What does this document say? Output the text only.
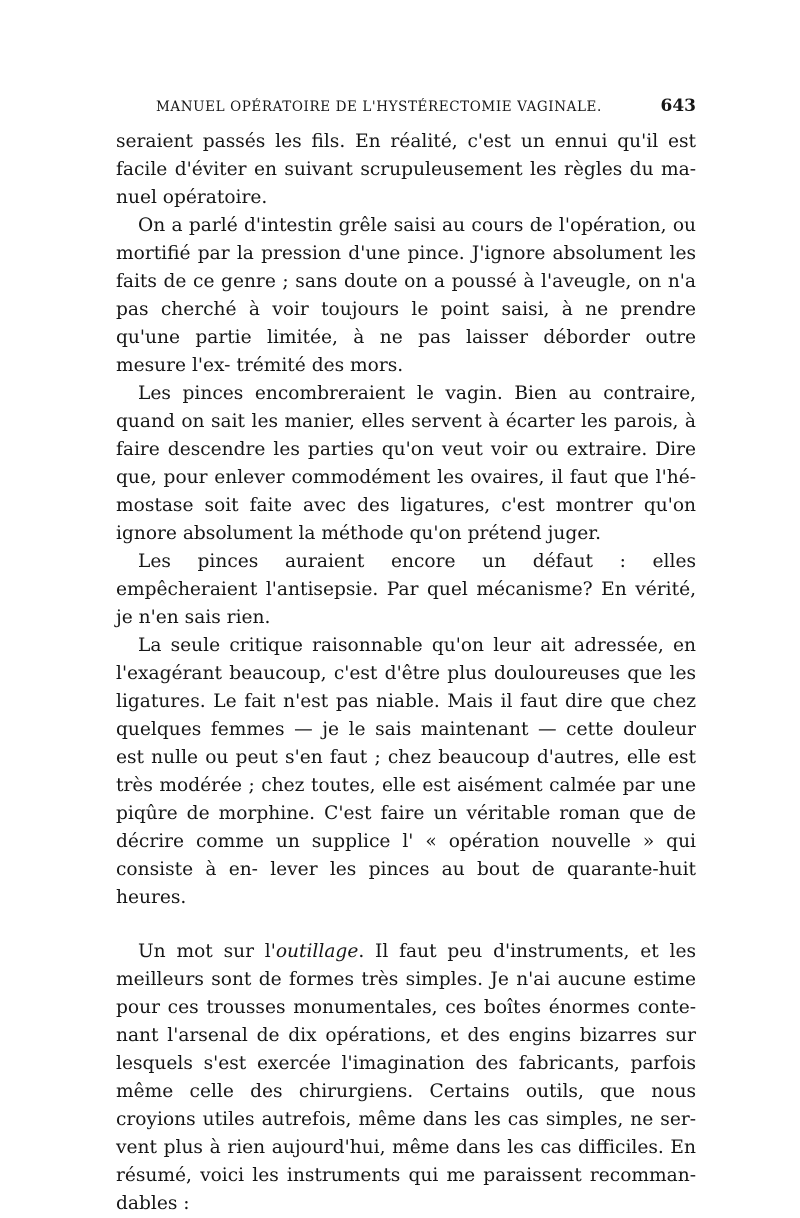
MANUEL OPÉRATOIRE DE L'HYSTÉRECTOMIE VAGINALE.	643

seraient passés les fils. En réalité, c'est un ennui qu'il est facile d'éviter en suivant scrupuleusement les règles du ma- nuel opératoire.

On a parlé d'intestin grêle saisi au cours de l'opération, ou mortifié par la pression d'une pince. J'ignore absolument les faits de ce genre ; sans doute on a poussé à l'aveugle, on n'a pas cherché à voir toujours le point saisi, à ne prendre qu'une partie limitée, à ne pas laisser déborder outre mesure l'ex- trémité des mors.

Les pinces encombreraient le vagin. Bien au contraire, quand on sait les manier, elles servent à écarter les parois, à faire descendre les parties qu'on veut voir ou extraire. Dire que, pour enlever commodément les ovaires, il faut que l'hé- mostase soit faite avec des ligatures, c'est montrer qu'on ignore absolument la méthode qu'on prétend juger.

Les pinces auraient encore un défaut : elles empêcheraient l'antisepsie. Par quel mécanisme? En vérité, je n'en sais rien.

La seule critique raisonnable qu'on leur ait adressée, en l'exagérant beaucoup, c'est d'être plus douloureuses que les ligatures. Le fait n'est pas niable. Mais il faut dire que chez quelques femmes — je le sais maintenant — cette douleur est nulle ou peut s'en faut ; chez beaucoup d'autres, elle est très modérée ; chez toutes, elle est aisément calmée par une piqûre de morphine. C'est faire un véritable roman que de décrire comme un supplice l' « opération nouvelle » qui consiste à en- lever les pinces au bout de quarante-huit heures.

Un mot sur l'outillage. Il faut peu d'instruments, et les meilleurs sont de formes très simples. Je n'ai aucune estime pour ces trousses monumentales, ces boîtes énormes conte- nant l'arsenal de dix opérations, et des engins bizarres sur lesquels s'est exercée l'imagination des fabricants, parfois même celle des chirurgiens. Certains outils, que nous croyions utiles autrefois, même dans les cas simples, ne ser- vent plus à rien aujourd'hui, même dans les cas difficiles. En résumé, voici les instruments qui me paraissent recomman- dables :
